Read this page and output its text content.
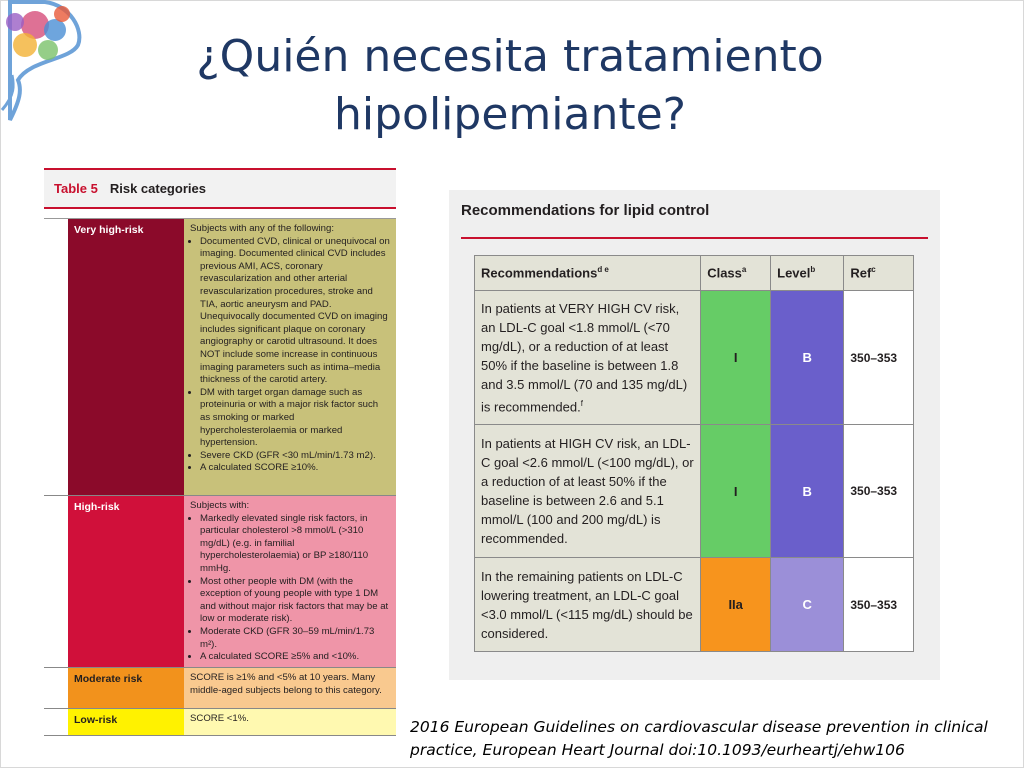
¿Quién necesita tratamiento hipolipemiante?
Table 5 Risk categories
Very high-risk	Subjects with any of the following:
• Documented CVD, clinical or unequivocal on imaging. Documented clinical CVD includes previous AMI, ACS, coronary revascularization and other arterial revascularization procedures, stroke and TIA, aortic aneurysm and PAD. Unequivocally documented CVD on imaging includes significant plaque on coronary angiography or carotid ultrasound. It does NOT include some increase in continuous imaging parameters such as intima–media thickness of the carotid artery.
• DM with target organ damage such as proteinuria or with a major risk factor such as smoking or marked hypercholesterolaemia or marked hypertension.
• Severe CKD (GFR <30 mL/min/1.73 m2).
• A calculated SCORE ≥10%.
High-risk	Subjects with:
• Markedly elevated single risk factors, in particular cholesterol >8 mmol/L (>310 mg/dL) (e.g. in familial hypercholesterolaemia) or BP ≥180/110 mmHg.
• Most other people with DM (with the exception of young people with type 1 DM and without major risk factors that may be at low or moderate risk).
• Moderate CKD (GFR 30–59 mL/min/1.73 m²).
• A calculated SCORE ≥5% and <10%.
Moderate risk	SCORE is ≥1% and <5% at 10 years. Many middle-aged subjects belong to this category.
Low-risk	SCORE <1%.
Recommendations for lipid control
Recommendations$^{d e}$	Class$^a$	Level$^b$	Ref$^c$
In patients at VERY HIGH CV risk, an LDL-C goal <1.8 mmol/L (<70 mg/dL), or a reduction of at least 50% if the baseline is between 1.8 and 3.5 mmol/L (70 and 135 mg/dL) is recommended.$^f$	I	B	350–353
In patients at HIGH CV risk, an LDL-C goal <2.6 mmol/L (<100 mg/dL), or a reduction of at least 50% if the baseline is between 2.6 and 5.1 mmol/L (100 and 200 mg/dL) is recommended.	I	B	350–353
In the remaining patients on LDL-C lowering treatment, an LDL-C goal <3.0 mmol/L (<115 mg/dL) should be considered.	IIa	C	350–353
2016 European Guidelines on cardiovascular disease prevention in clinical practice, European Heart Journal doi:10.1093/eurheartj/ehw106
